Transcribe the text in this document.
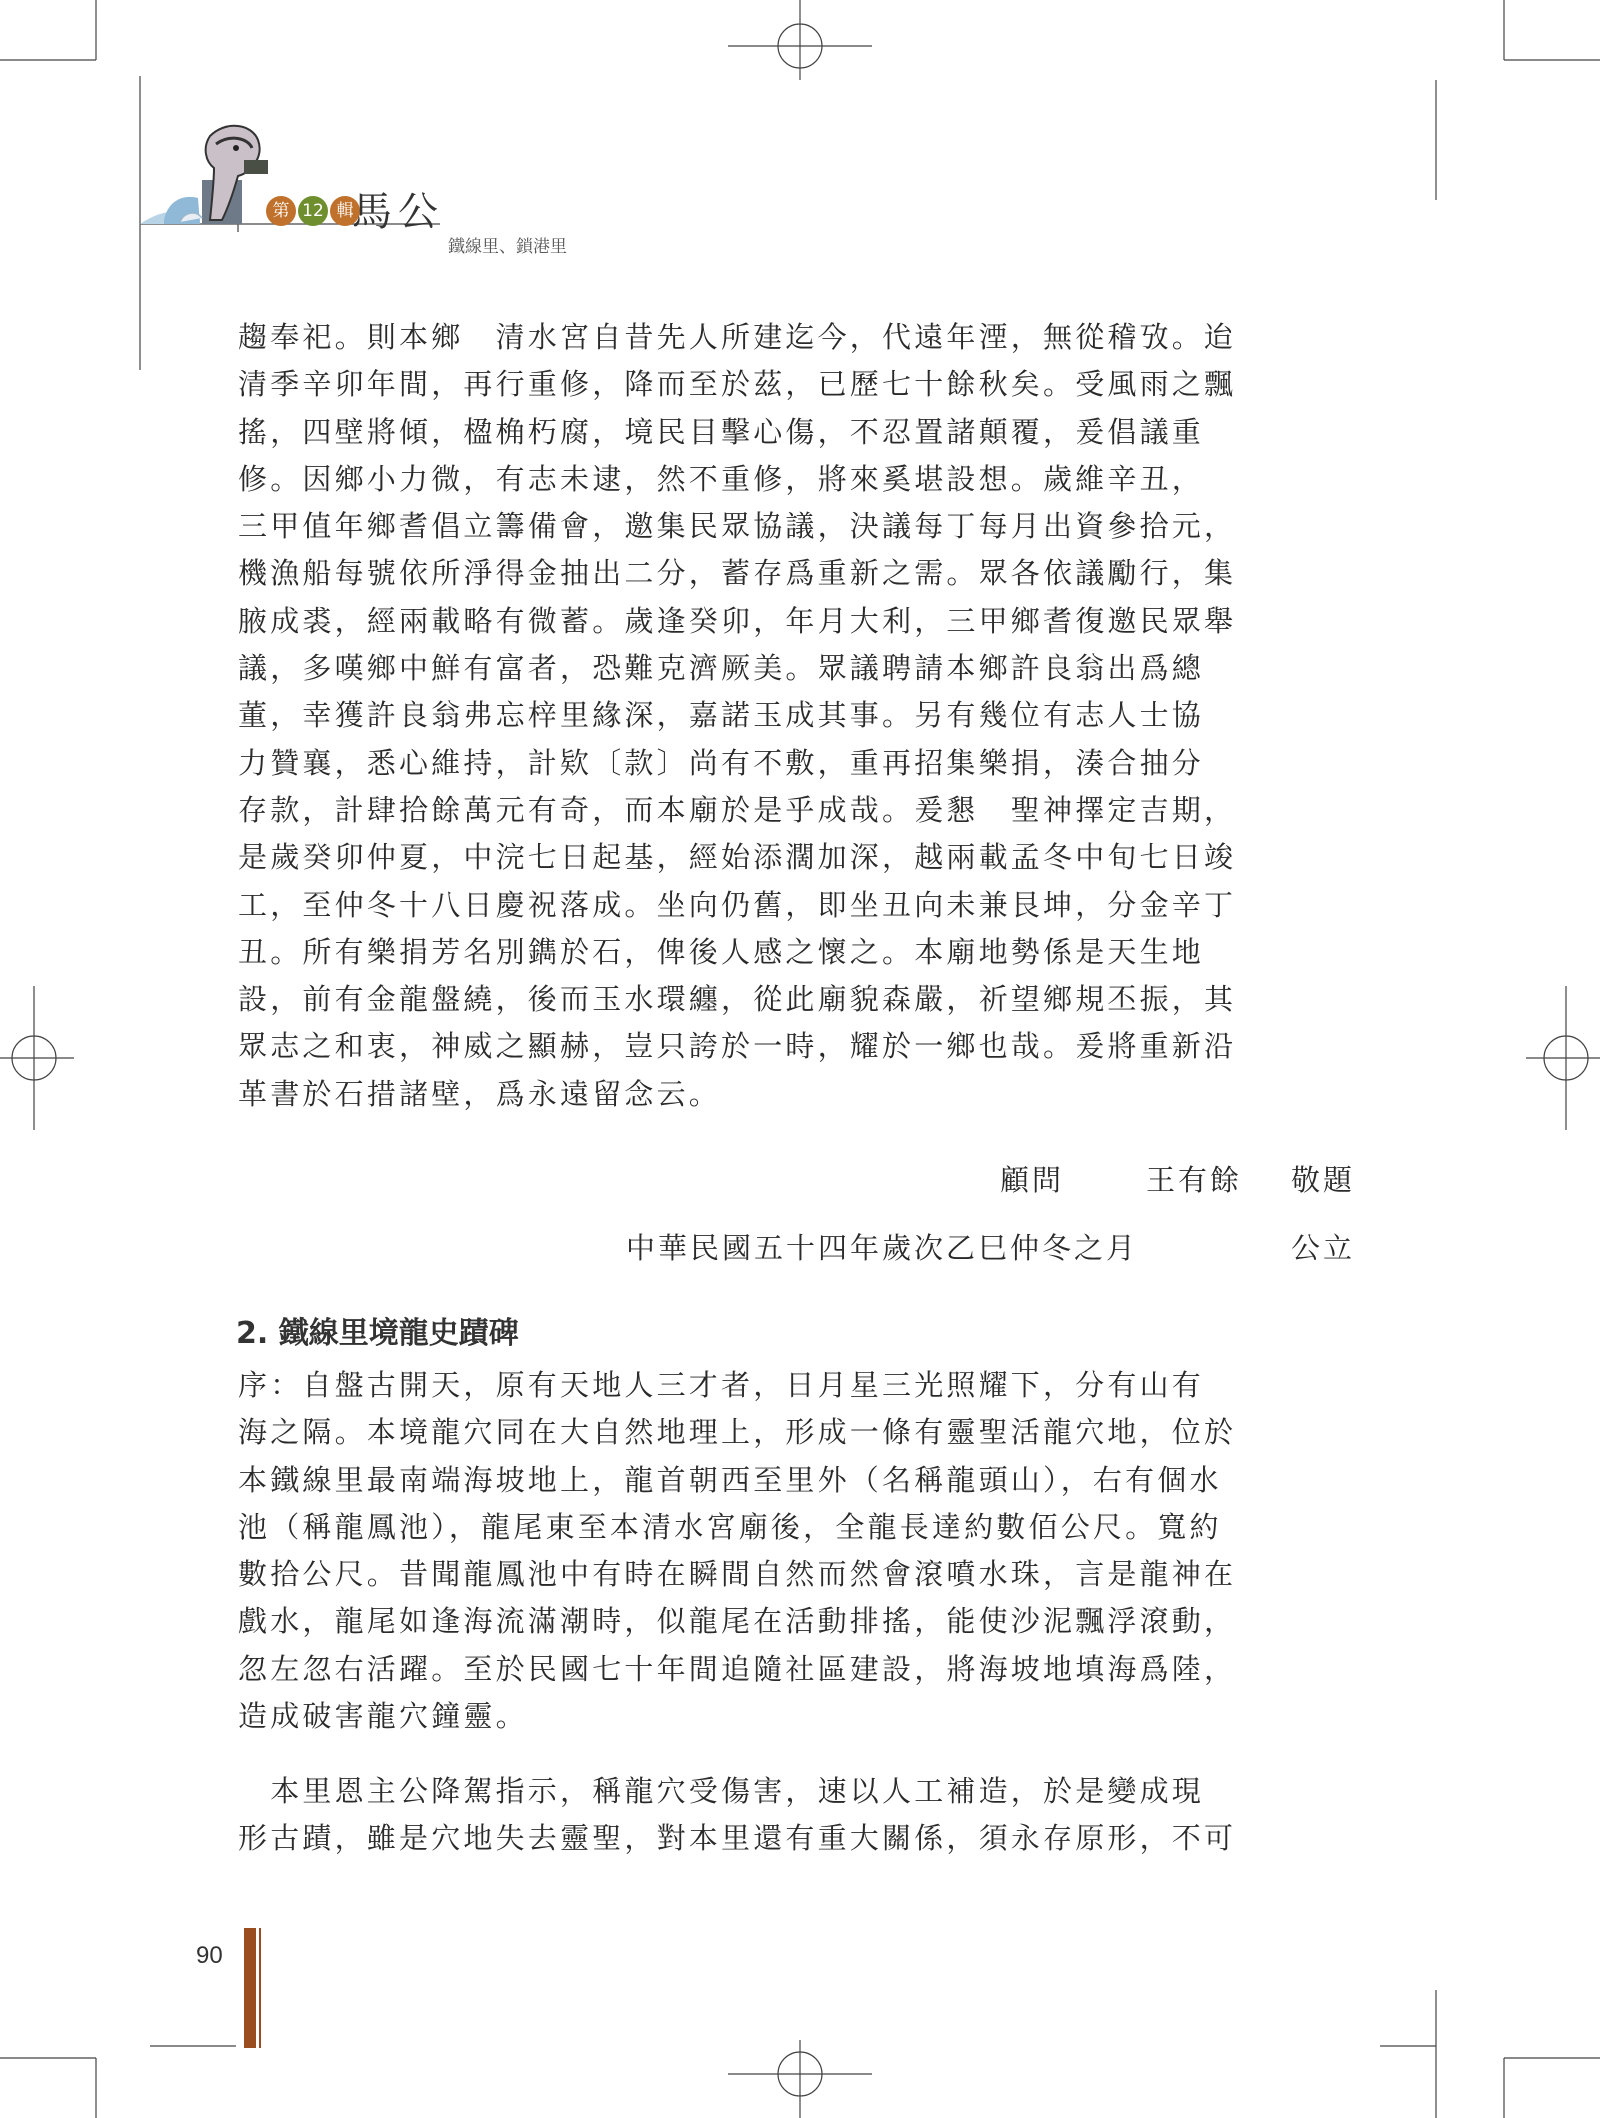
第 12 輯
馬公
鐵線里、鎖港里
趨奉祀。則本鄉　清水宮自昔先人所建迄今，代遠年湮，無從稽攷。迨
清季辛卯年間，再行重修，降而至於茲，已歷七十餘秋矣。受風雨之飄
搖，四壁將傾，楹桷朽腐，境民目擊心傷，不忍置諸顛覆，爰倡議重
修。因鄉小力微，有志未逮，然不重修，將來奚堪設想。歲維辛丑，
三甲值年鄉耆倡立籌備會，邀集民眾協議，決議每丁每月出資參拾元，
機漁船每號依所淨得金抽出二分，蓄存爲重新之需。眾各依議勵行，集
腋成裘，經兩載略有微蓄。歲逢癸卯，年月大利，三甲鄉耆復邀民眾舉
議，多嘆鄉中鮮有富者，恐難克濟厥美。眾議聘請本鄉許良翁出爲總
董，幸獲許良翁弗忘梓里緣深，嘉諾玉成其事。另有幾位有志人士協
力贊襄，悉心維持，計欵〔款〕尚有不敷，重再招集樂捐，湊合抽分
存款，計肆拾餘萬元有奇，而本廟於是乎成哉。爰懇　聖神擇定吉期，
是歲癸卯仲夏，中浣七日起基，經始添濶加深，越兩載孟冬中旬七日竣
工，至仲冬十八日慶祝落成。坐向仍舊，即坐丑向未兼艮坤，分金辛丁
丑。所有樂捐芳名別鐫於石，俾後人感之懷之。本廟地勢係是天生地
設，前有金龍盤繞，後而玉水環纏，從此廟貌森嚴，祈望鄉規丕振，其
眾志之和衷，神威之顯赫，豈只誇於一時，耀於一鄉也哉。爰將重新沿
革書於石措諸壁，爲永遠留念云。
顧問	王有餘 敬題
中華民國五十四年歲次乙巳仲冬之月	公立
2. 鐵線里境龍史蹟碑
序：自盤古開天，原有天地人三才者，日月星三光照耀下，分有山有
海之隔。本境龍穴同在大自然地理上，形成一條有靈聖活龍穴地，位於
本鐵線里最南端海坡地上，龍首朝西至里外（名稱龍頭山），右有個水
池（稱龍鳳池），龍尾東至本清水宮廟後，全龍長達約數佰公尺。寬約
數拾公尺。昔聞龍鳳池中有時在瞬間自然而然會滾噴水珠，言是龍神在
戲水，龍尾如逢海流滿潮時，似龍尾在活動排搖，能使沙泥飄浮滾動，
忽左忽右活躍。至於民國七十年間追隨社區建設，將海坡地填海爲陸，
造成破害龍穴鐘靈。
　本里恩主公降駕指示，稱龍穴受傷害，速以人工補造，於是變成現
形古蹟，雖是穴地失去靈聖，對本里還有重大關係，須永存原形，不可
90
